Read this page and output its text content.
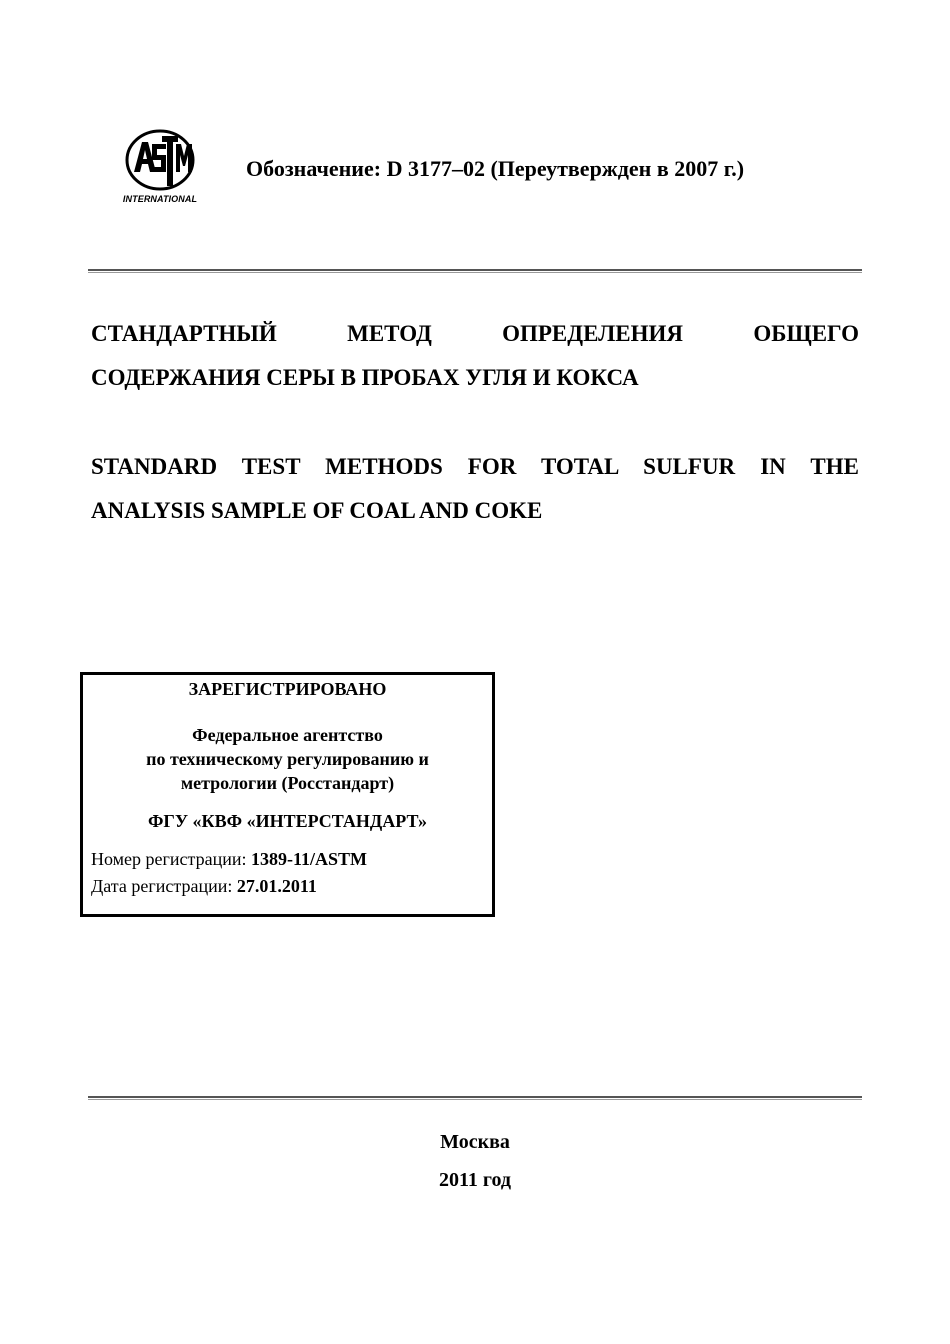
INTERNATIONAL
Обозначение: D 3177–02 (Переутвержден в 2007 г.)
СТАНДАРТНЫЙ МЕТОД ОПРЕДЕЛЕНИЯ ОБЩЕГО
СОДЕРЖАНИЯ СЕРЫ В ПРОБАХ УГЛЯ И КОКСА
STANDARD TEST METHODS FOR TOTAL SULFUR IN THE
ANALYSIS SAMPLE OF COAL AND COKE
ЗАРЕГИСТРИРОВАНО
Федеральное агентство
по техническому регулированию и
метрологии (Росстандарт)
ФГУ «КВФ «ИНТЕРСТАНДАРТ»
Номер регистрации: 1389-11/ASTM
Дата регистрации: 27.01.2011
Москва
2011 год
